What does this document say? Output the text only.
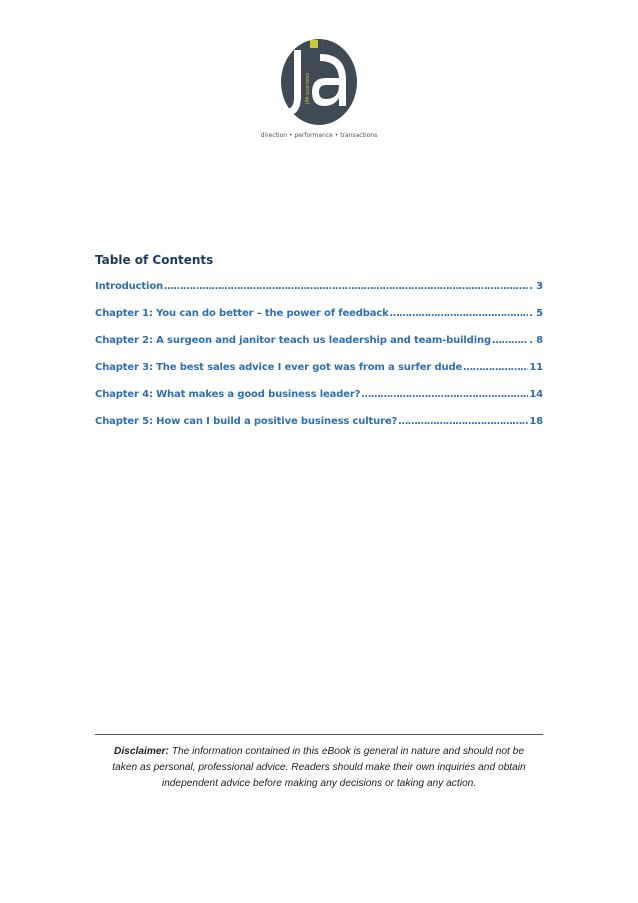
JPA business
direction • performance • transactions
Table of Contents
Introduction ……………………………………………………………………………………………………………………………………………………………………………………………………………………	. 3
Chapter 1: You can do better – the power of feedback ……………………………………………………………………………………………………………………………………………………………………………………………………………………	. 5
Chapter 2: A surgeon and janitor teach us leadership and team-building ……………………………………………………………………………………………………………………………………………………………………………………………………………………	. 8
Chapter 3: The best sales advice I ever got was from a surfer dude ……………………………………………………………………………………………………………………………………………………………………………………………………………………	11
Chapter 4: What makes a good business leader? ……………………………………………………………………………………………………………………………………………………………………………………………………………………	14
Chapter 5: How can I build a positive business culture? ……………………………………………………………………………………………………………………………………………………………………………………………………………………	18
Disclaimer: The information contained in this eBook is general in nature and should not be taken as personal, professional advice. Readers should make their own inquiries and obtain independent advice before making any decisions or taking any action.
